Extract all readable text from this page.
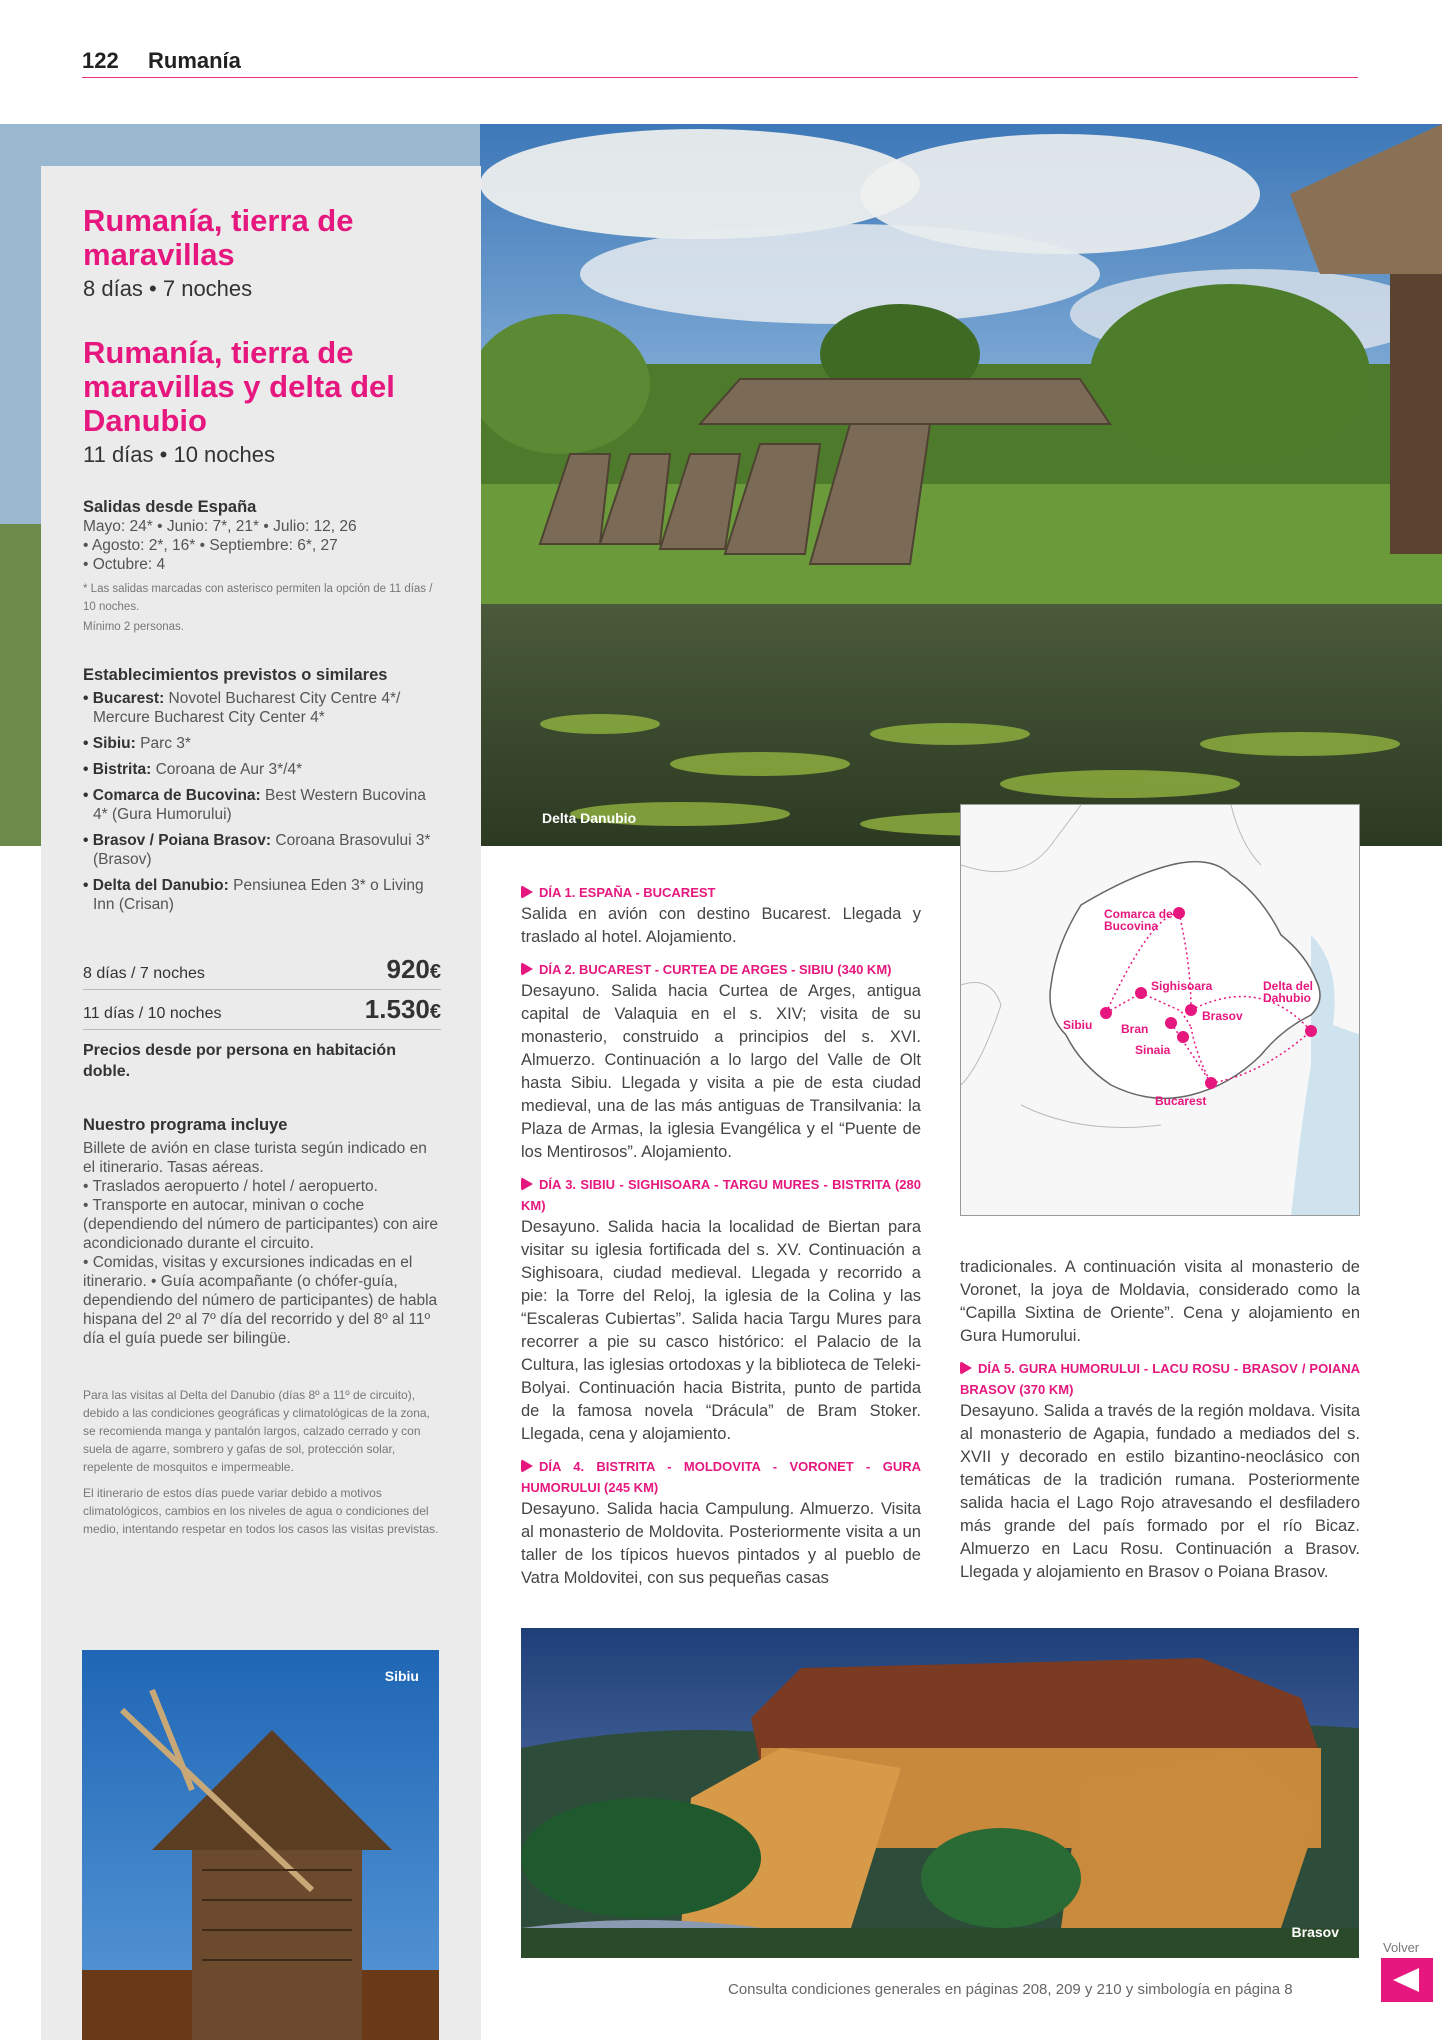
122 Rumanía
Delta Danubio
Rumanía, tierra de maravillas
8 días • 7 noches
Rumanía, tierra de maravillas y delta del Danubio
11 días • 10 noches
Salidas desde España
Mayo: 24* • Junio: 7*, 21* • Julio: 12, 26
• Agosto: 2*, 16* • Septiembre: 6*, 27
• Octubre: 4
* Las salidas marcadas con asterisco permiten la opción de 11 días / 10 noches.
Mínimo 2 personas.
Establecimientos previstos o similares
• Bucarest: Novotel Bucharest City Centre 4*/ Mercure Bucharest City Center 4*
• Sibiu: Parc 3*
• Bistrita: Coroana de Aur 3*/4*
• Comarca de Bucovina: Best Western Bucovina 4* (Gura Humorului)
• Brasov / Poiana Brasov: Coroana Brasovului 3* (Brasov)
• Delta del Danubio: Pensiunea Eden 3* o Living Inn (Crisan)
8 días / 7 noches	920€
11 días / 10 noches	1.530€
Precios desde por persona en habitación doble.
Nuestro programa incluye
Billete de avión en clase turista según indicado en el itinerario. Tasas aéreas.
• Traslados aeropuerto / hotel / aeropuerto.
• Transporte en autocar, minivan o coche (dependiendo del número de participantes) con aire acondicionado durante el circuito.
• Comidas, visitas y excursiones indicadas en el itinerario. • Guía acompañante (o chófer-guía, dependiendo del número de participantes) de habla hispana del 2º al 7º día del recorrido y del 8º al 11º día el guía puede ser bilingüe.
Para las visitas al Delta del Danubio (días 8º a 11º de circuito), debido a las condiciones geográficas y climatológicas de la zona, se recomienda manga y pantalón largos, calzado cerrado y con suela de agarre, sombrero y gafas de sol, protección solar, repelente de mosquitos e impermeable.
El itinerario de estos días puede variar debido a motivos climatológicos, cambios en los niveles de agua o condiciones del medio, intentando respetar en todos los casos las visitas previstas.
Sibiu
DÍA 1. ESPAÑA - BUCAREST
Salida en avión con destino Bucarest. Llegada y traslado al hotel. Alojamiento.
DÍA 2. BUCAREST - CURTEA DE ARGES - SIBIU (340 KM)
Desayuno. Salida hacia Curtea de Arges, antigua capital de Valaquia en el s. XIV; visita de su monasterio, construido a principios del s. XVI. Almuerzo. Continuación a lo largo del Valle de Olt hasta Sibiu. Llegada y visita a pie de esta ciudad medieval, una de las más antiguas de Transilvania: la Plaza de Armas, la iglesia Evangélica y el “Puente de los Mentirosos”. Alojamiento.
DÍA 3. SIBIU - SIGHISOARA - TARGU MURES - BISTRITA (280 KM)
Desayuno. Salida hacia la localidad de Biertan para visitar su iglesia fortificada del s. XV. Continuación a Sighisoara, ciudad medieval. Llegada y recorrido a pie: la Torre del Reloj, la iglesia de la Colina y las “Escaleras Cubiertas”. Salida hacia Targu Mures para recorrer a pie su casco histórico: el Palacio de la Cultura, las iglesias ortodoxas y la biblioteca de Teleki-Bolyai. Continuación hacia Bistrita, punto de partida de la famosa novela “Drácula” de Bram Stoker. Llegada, cena y alojamiento.
DÍA 4. BISTRITA - MOLDOVITA - VORONET - GURA HUMORULUI (245 KM)
Desayuno. Salida hacia Campulung. Almuerzo. Visita al monasterio de Moldovita. Posteriormente visita a un taller de los típicos huevos pintados y al pueblo de Vatra Moldovitei, con sus pequeñas casas
Comarca de Bucovina
Sighisoara	Delta del Dahubio
Sibiu
Brasov
Bran
Sinaia
Bucarest
tradicionales. A continuación visita al monasterio de Voronet, la joya de Moldavia, considerado como la “Capilla Sixtina de Oriente”. Cena y alojamiento en Gura Humorului.
DÍA 5. GURA HUMORULUI - LACU ROSU - BRASOV / POIANA BRASOV (370 KM)
Desayuno. Salida a través de la región moldava. Visita al monasterio de Agapia, fundado a mediados del s. XVII y decorado en estilo bizantino-neoclásico con temáticas de la tradición rumana. Posteriormente salida hacia el Lago Rojo atravesando el desfiladero más grande del país formado por el río Bicaz. Almuerzo en Lacu Rosu. Continuación a Brasov. Llegada y alojamiento en Brasov o Poiana Brasov.
Brasov
Consulta condiciones generales en páginas 208, 209 y 210 y simbología en página 8
Volver
